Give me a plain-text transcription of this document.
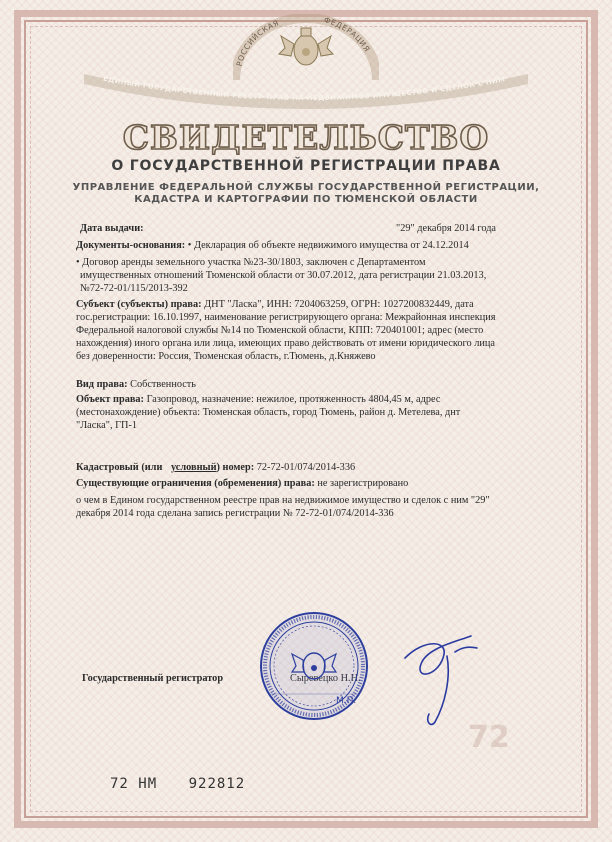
РОССИЙСКАЯ	ФЕДЕРАЦИЯ
ЕДИНЫЙ ГОСУДАРСТВЕННЫЙ РЕЕСТР ПРАВ НА НЕДВИЖИМОЕ ИМУЩЕСТВО И СДЕЛОК С НИМ
СВИДЕТЕЛЬСТВО
О ГОСУДАРСТВЕННОЙ РЕГИСТРАЦИИ ПРАВА
УПРАВЛЕНИЕ ФЕДЕРАЛЬНОЙ СЛУЖБЫ ГОСУДАРСТВЕННОЙ РЕГИСТРАЦИИ,
КАДАСТРА И КАРТОГРАФИИ ПО ТЮМЕНСКОЙ ОБЛАСТИ
Дата выдачи:	"29" декабря 2014 года
Документы-основания: • Декларация об объекте недвижимого имущества от 24.12.2014
• Договор аренды земельного участка №23-30/1803, заключен с Департаментом
имущественных отношений Тюменской области от 30.07.2012, дата регистрации 21.03.2013,
№72-72-01/115/2013-392
Субъект (субъекты) права: ДНТ "Ласка", ИНН: 7204063259, ОГРН: 1027200832449, дата
гос.регистрации: 16.10.1997, наименование регистрирующего органа: Межрайонная инспекция
Федеральной налоговой службы №14 по Тюменской области, КПП: 720401001; адрес (место
нахождения) иного органа или лица, имеющих право действовать от имени юридического лица
без доверенности: Россия, Тюменская область, г.Тюмень, д.Княжево
Вид права: Собственность
Объект права: Газопровод, назначение: нежилое, протяженность 4804,45 м, адрес
(местонахождение) объекта: Тюменская область, город Тюмень, район д. Метелева, днт
"Ласка", ГП-1
Кадастровый (или условный) номер: 72-72-01/074/2014-336
Существующие ограничения (обременения) права: не зарегистрировано
о чем в Едином государственном реестре прав на недвижимое имущество и сделок с ним "29"
декабря 2014 года сделана запись регистрации № 72-72-01/074/2014-336
Государственный регистратор
М.П.
72
72 НМ 922812
